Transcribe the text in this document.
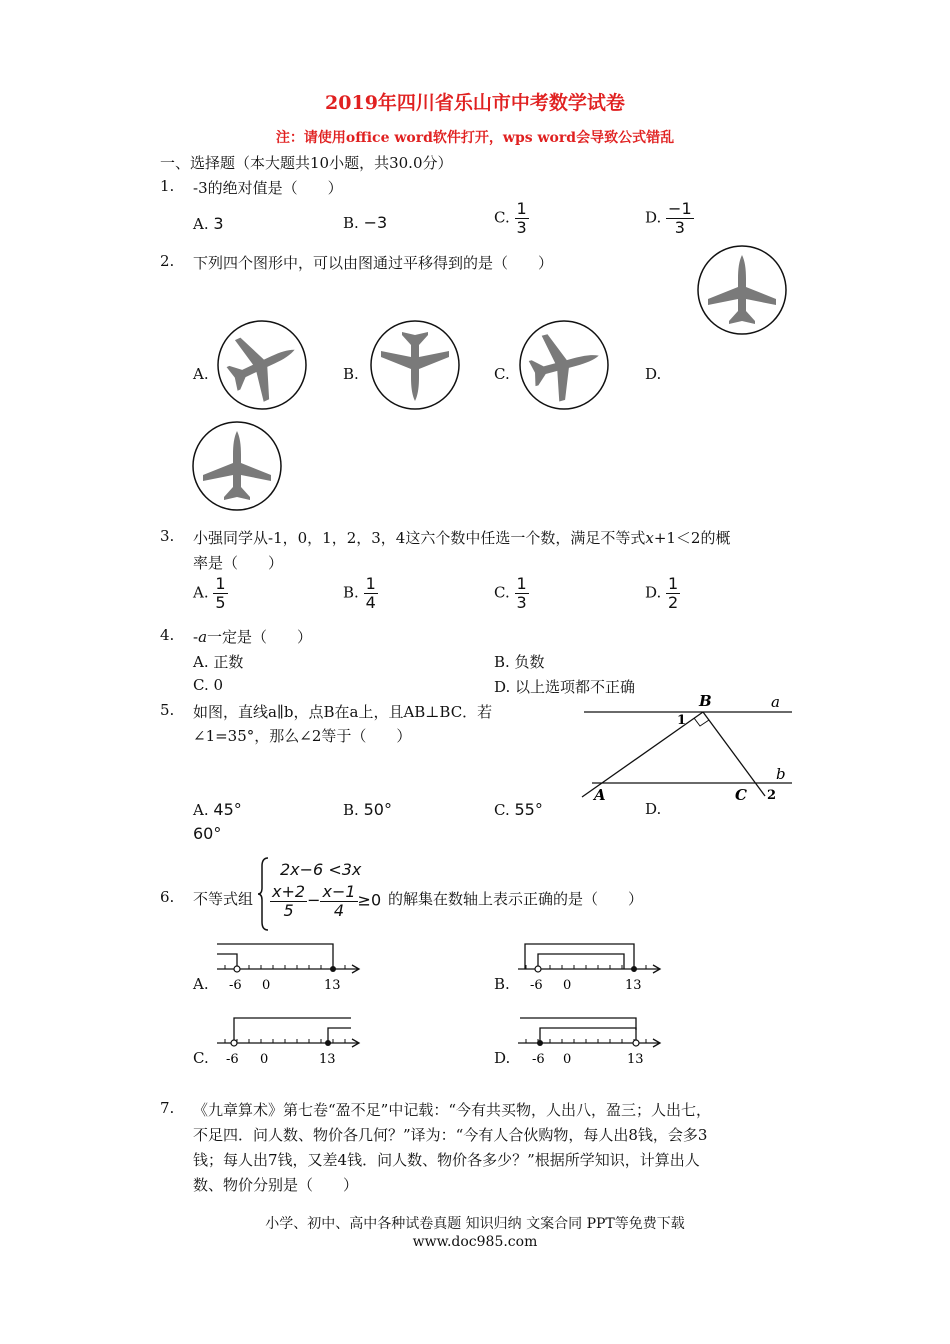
2019年四川省乐山市中考数学试卷
注：请使用office word软件打开，wps word会导致公式错乱
一、选择题（本大题共10小题，共30.0分）
1. -3的绝对值是（　　）
A. 3	B. −3	C. $\frac{1}{3}$	D. $\frac{-1}{3}$
2. 下列四个图形中，可以由图通过平移得到的是（　　）
A.	B.	C.	D.
3. 小强同学从-1，0，1，2，3，4这六个数中任选一个数，满足不等式x+1＜2的概
率是（　　）
A. $\frac{1}{5}$	B. $\frac{1}{4}$	C. $\frac{1}{3}$	D. $\frac{1}{2}$
4. -a一定是（　　）
A. 正数	B. 负数
C. 0	D. 以上选项都不正确
5. 如图，直线a∥b，点B在a上，且AB⊥BC．若
∠1=35°，那么∠2等于（　　）
B	a
1
b
A	C 2
A. 45°	B. 50°	C. 55°	D.
60°
6. 不等式组
2x−6 <3x
$\frac{x+2}{5} - \frac{x-1}{4} \ge 0$ 的解集在数轴上表示正确的是（　　）
A. -6 0	13	B. -6 0	13
C. -6 0	13	D. -6 0	13
7. 《九章算术》第七卷“盈不足”中记载：“今有共买物，人出八，盈三；人出七，
不足四．问人数、物价各几何？”译为：“今有人合伙购物，每人出8钱，会多3
钱；每人出7钱，又差4钱．问人数、物价各多少？”根据所学知识，计算出人
数、物价分别是（　　）
小学、初中、高中各种试卷真题 知识归纳 文案合同 PPT等免费下载
www.doc985.com
